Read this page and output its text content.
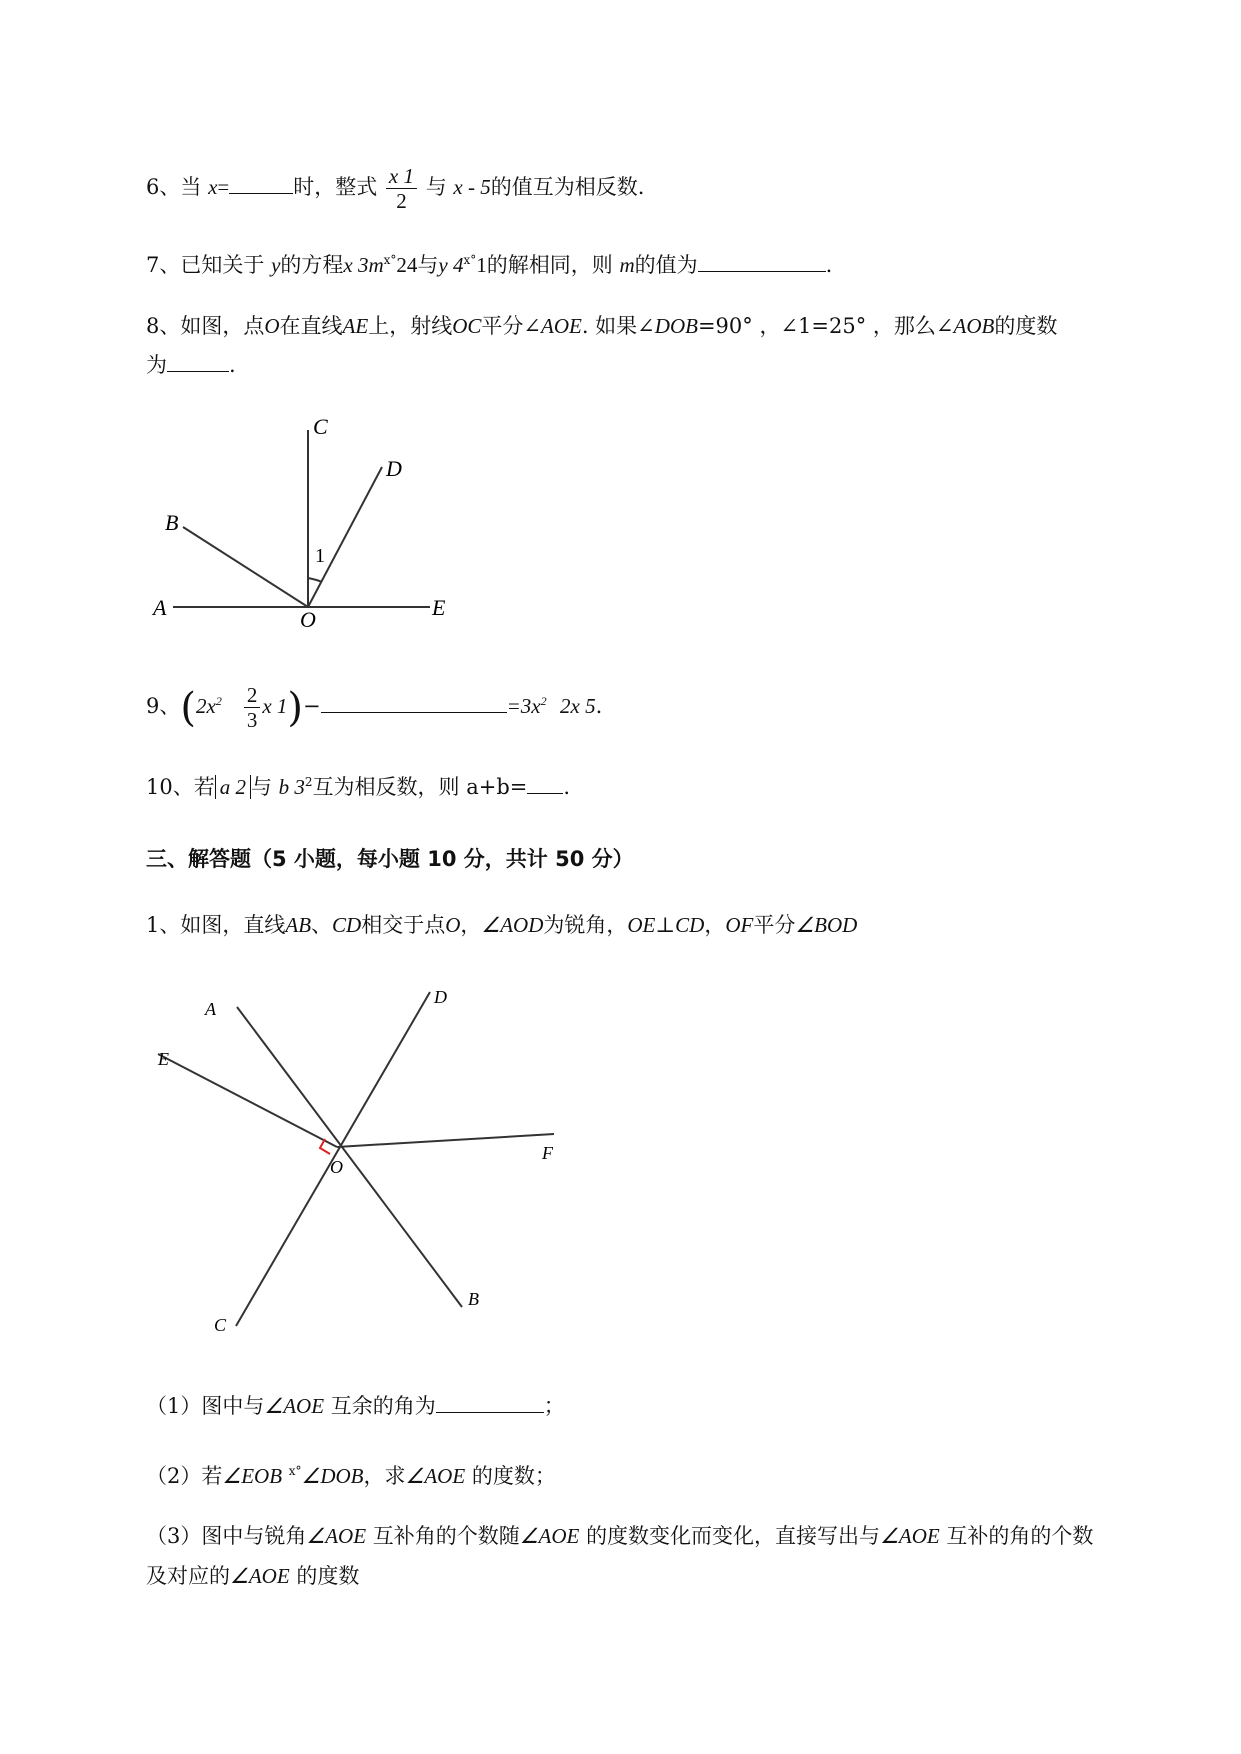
6、当 x=	时，整式 $\frac{x 1}{2}$ 与 x - 5的值互为相反数.
7、已知关于 y的方程x $3m^{x^\circ}24$与y $4^{x^\circ}1$的解相同，则 m的值为	.
8、如图，点O在直线AE上，射线OC平分∠AOE. 如果∠DOB=90° ，∠1=25° ，那么∠AOB的度数
为	.
A
B
C
D
E
O
1
9、($2x^2 \frac{2}{3}$ x 1)−	$=3x^2$ 2x 5.
10、若 a 2 与 b $3^2$互为相反数，则 a+b= .
三、解答题（5 小题，每小题 10 分，共计 50 分）
1、如图，直线AB、CD相交于点O，∠AOD为锐角，OE⊥CD，OF平分∠BOD
A
B
C
D
E
F
O
（1）图中与∠AOE 互余的角为	；
（2）若∠EOB $^{x^\circ}$∠DOB，求∠AOE 的度数；
（3）图中与锐角∠AOE 互补角的个数随∠AOE 的度数变化而变化，直接写出与∠AOE 互补的角的个数
及对应的∠AOE 的度数
